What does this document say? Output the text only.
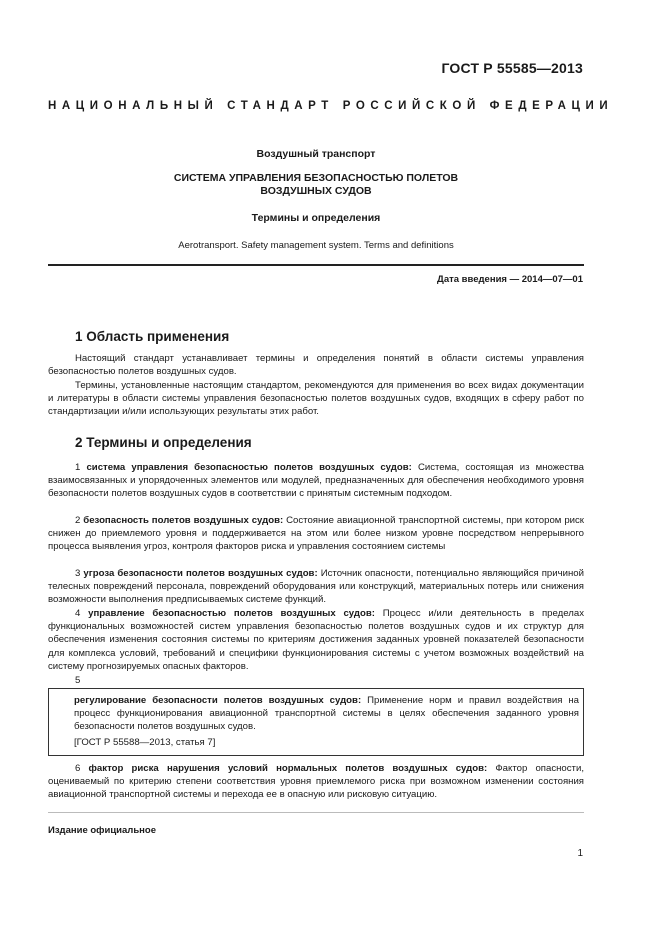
ГОСТ Р 55585—2013
НАЦИОНАЛЬНЫЙ СТАНДАРТ РОССИЙСКОЙ ФЕДЕРАЦИИ
Воздушный транспорт
СИСТЕМА УПРАВЛЕНИЯ БЕЗОПАСНОСТЬЮ ПОЛЕТОВ
ВОЗДУШНЫХ СУДОВ
Термины и определения
Aerotransport. Safety management system. Terms and definitions
Дата введения — 2014—07—01
1 Область применения

Настоящий стандарт устанавливает термины и определения понятий в области системы управления безопасностью полетов воздушных судов.

Термины, установленные настоящим стандартом, рекомендуются для применения во всех видах документации и литературы в области системы управления безопасностью полетов воздушных судов, входящих в сферу работ по стандартизации и/или использующих результаты этих работ.

2 Термины и определения

1 система управления безопасностью полетов воздушных судов: Система, состоящая из множества взаимосвязанных и упорядоченных элементов или модулей, предназначенных для обеспечения необходимого уровня безопасности полетов воздушных судов в соответствии с принятым системным подходом.

2 безопасность полетов воздушных судов: Состояние авиационной транспортной системы, при котором риск снижен до приемлемого уровня и поддерживается на этом или более низком уровне посредством непрерывного процесса выявления угроз, контроля факторов риска и управления состоянием системы

3 угроза безопасности полетов воздушных судов: Источник опасности, потенциально являющийся причиной телесных повреждений персонала, повреждений оборудования или конструкций, материальных потерь или снижения возможности выполнения предписываемых системе функций.

4 управление безопасностью полетов воздушных судов: Процесс и/или деятельность в пределах функциональных возможностей систем управления безопасностью полетов воздушных судов и их структур для обеспечения изменения состояния системы по критериям достижения заданных уровней показателей безопасности для комплекса условий, требований и специфики функционирования системы с учетом возможных воздействий на систему прогнозируемых опасных факторов.

5

регулирование безопасности полетов воздушных судов: Применение норм и правил воздействия на процесс функционирования авиационной транспортной системы в целях обеспечения заданного уровня безопасности полетов воздушных судов.

[ГОСТ Р 55588—2013, статья 7]

6 фактор риска нарушения условий нормальных полетов воздушных судов: Фактор опасности, оцениваемый по критерию степени соответствия уровня приемлемого риска при возможном изменении состояния авиационной транспортной системы и перехода ее в опасную или рисковую ситуацию.

Издание официальное
1
